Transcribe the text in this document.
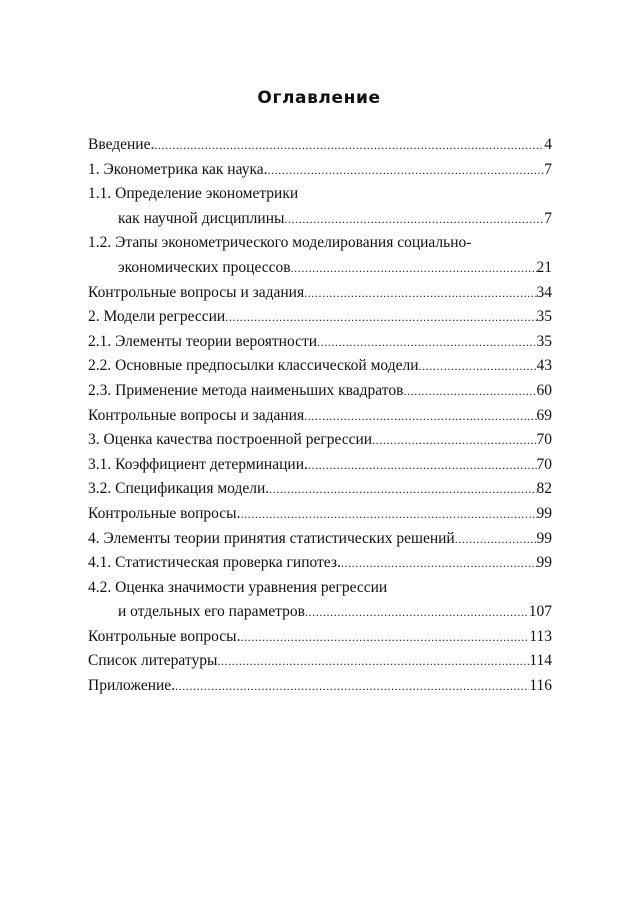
Оглавление
Введение. .....	4
1. Эконометрика как наука. .....	7
1.1. Определение эконометрики
как научной дисциплины .....	7
1.2. Этапы эконометрического моделирования социально-
экономических процессов .....	21
Контрольные вопросы и задания .....	34
2. Модели регрессии .....	35
2.1. Элементы теории вероятности .....	35
2.2. Основные предпосылки классической модели .....	43
2.3. Применение метода наименьших квадратов .....	60
Контрольные вопросы и задания .....	69
3. Оценка качества построенной регрессии .....	70
3.1. Коэффициент детерминации. .....	70
3.2. Спецификация модели. .....	82
Контрольные вопросы. .....	99
4. Элементы теории принятия статистических решений .....	99
4.1. Статистическая проверка гипотез. .....	99
4.2. Оценка значимости уравнения регрессии
и отдельных его параметров .....	107
Контрольные вопросы. .....	113
Список литературы .....	114
Приложение. .....	116
